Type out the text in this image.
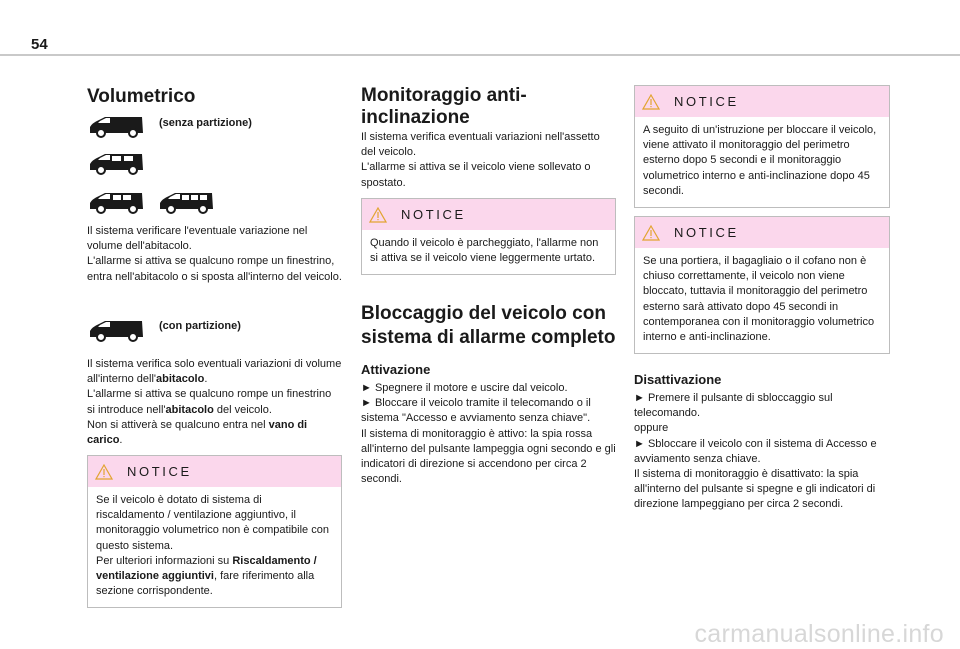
54
Volumetrico

(senza partizione)

Il sistema verificare l'eventuale variazione nel volume dell'abitacolo.

L'allarme si attiva se qualcuno rompe un finestrino, entra nell'abitacolo o si sposta all'interno del veicolo.

(con partizione)

Il sistema verifica solo eventuali variazioni di volume all'interno dell'abitacolo.

L'allarme si attiva se qualcuno rompe un finestrino si introduce nell'abitacolo del veicolo.

Non si attiverà se qualcuno entra nel vano di carico.

NOTICE

Se il veicolo è dotato di sistema di riscaldamento / ventilazione aggiuntivo, il monitoraggio volumetrico non è compatibile con questo sistema.

Per ulteriori informazioni su Riscaldamento / ventilazione aggiuntivi, fare riferimento alla sezione corrispondente.

Monitoraggio anti-inclinazione

Il sistema verifica eventuali variazioni nell'assetto del veicolo.

L'allarme si attiva se il veicolo viene sollevato o spostato.

NOTICE

Quando il veicolo è parcheggiato, l'allarme non si attiva se il veicolo viene leggermente urtato.

Bloccaggio del veicolo con sistema di allarme completo
Attivazione

► Spegnere il motore e uscire dal veicolo.

► Bloccare il veicolo tramite il telecomando o il sistema "Accesso e avviamento senza chiave".

Il sistema di monitoraggio è attivo: la spia rossa all'interno del pulsante lampeggia ogni secondo e gli indicatori di direzione si accendono per circa 2 secondi.

NOTICE

A seguito di un'istruzione per bloccare il veicolo, viene attivato il monitoraggio del perimetro esterno dopo 5 secondi e il monitoraggio volumetrico interno e anti-inclinazione dopo 45 secondi.

NOTICE

Se una portiera, il bagagliaio o il cofano non è chiuso correttamente, il veicolo non viene bloccato, tuttavia il monitoraggio del perimetro esterno sarà attivato dopo 45 secondi in contemporanea con il monitoraggio volumetrico interno e anti-inclinazione.

Disattivazione

► Premere il pulsante di sbloccaggio sul telecomando.

oppure

► Sbloccare il veicolo con il sistema di Accesso e avviamento senza chiave.

Il sistema di monitoraggio è disattivato: la spia all'interno del pulsante si spegne e gli indicatori di direzione lampeggiano per circa 2 secondi.

carmanualsonline.info
